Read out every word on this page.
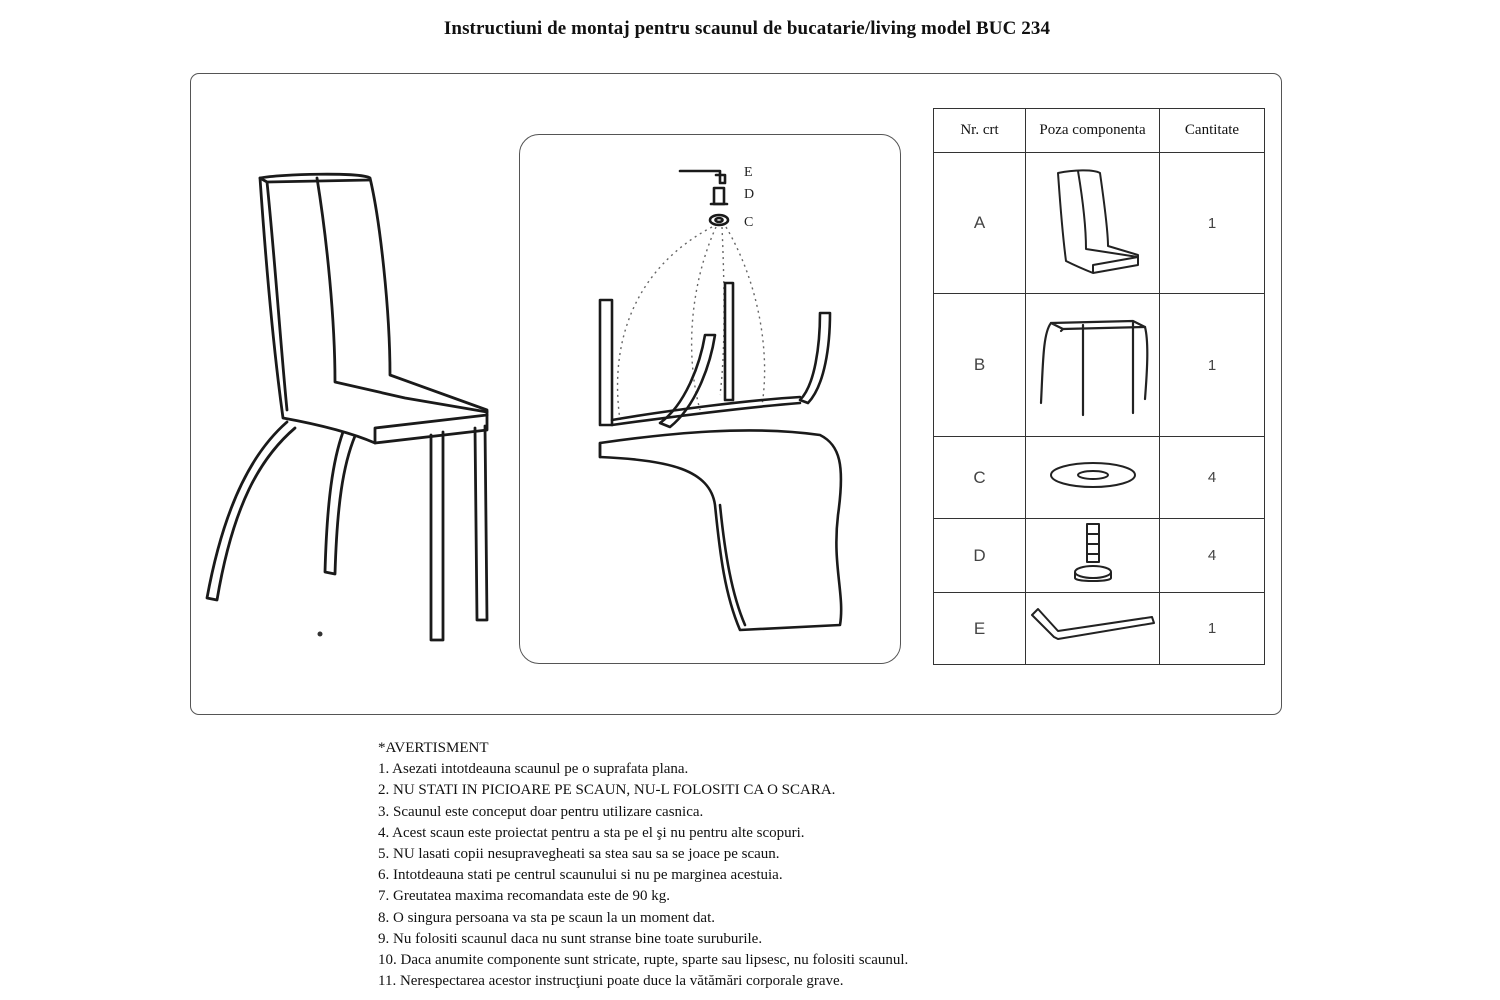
Instructiuni de montaj pentru scaunul de bucatarie/living model BUC 234
E
D
C
Nr. crt	Poza componenta	Cantitate
A		1
B		1
C		4
D		4
E		1
*AVERTISMENT
1. Asezati intotdeauna scaunul pe o suprafata plana.
2. NU STATI IN PICIOARE PE SCAUN, NU-L FOLOSITI CA O SCARA.
3. Scaunul este conceput doar pentru utilizare casnica.
4. Acest scaun este proiectat pentru a sta pe el şi nu pentru alte scopuri.
5. NU lasati copii nesupravegheati sa stea sau sa se joace pe scaun.
6. Intotdeauna stati pe centrul scaunului si nu pe marginea acestuia.
7. Greutatea maxima recomandata este de 90 kg.
8. O singura persoana va sta pe scaun la un moment dat.
9. Nu folositi scaunul daca nu sunt stranse bine toate suruburile.
10. Daca anumite componente sunt stricate, rupte, sparte sau lipsesc, nu folositi scaunul.
11. Nerespectarea acestor instrucţiuni poate duce la vătămări corporale grave.
